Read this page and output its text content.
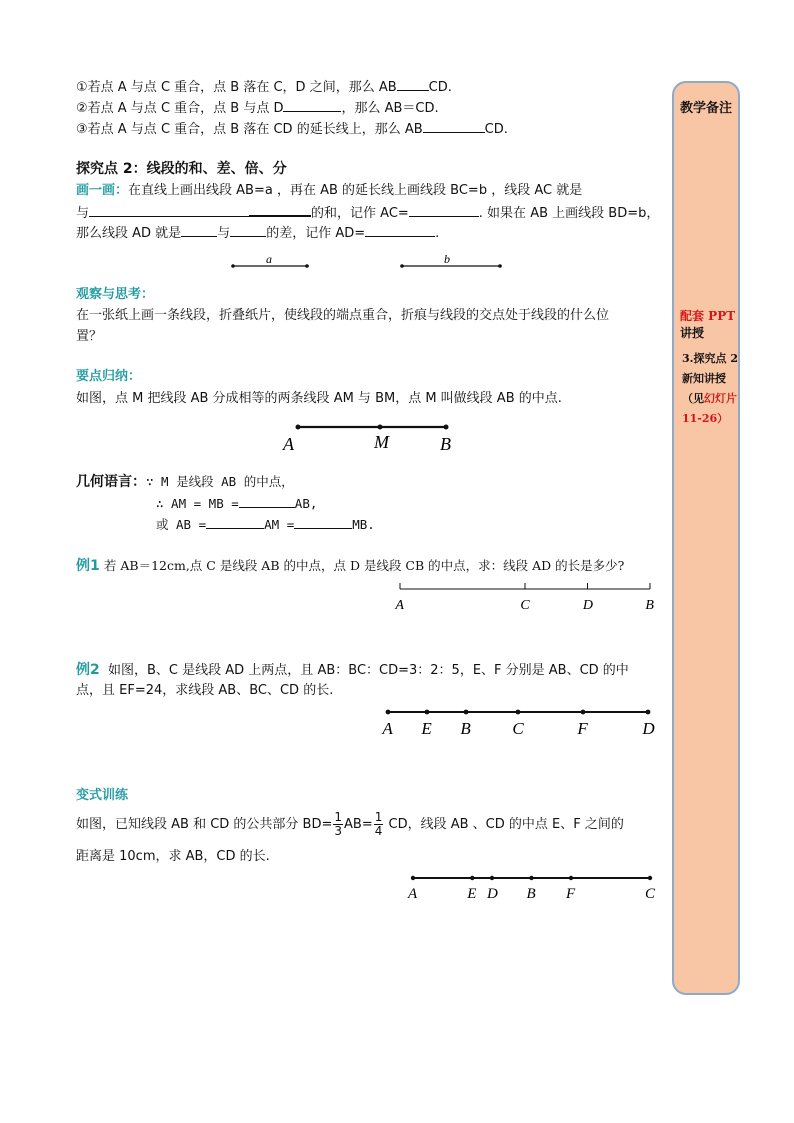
①若点 A 与点 C 重合，点 B 落在 C，D 之间，那么 AB CD.
②若点 A 与点 C 重合，点 B 与点 D	，那么 AB＝CD.
③若点 A 与点 C 重合，点 B 落在 CD 的延长线上，那么 AB	CD.
探究点 2：线段的和、差、倍、分
画一画：在直线上画出线段 AB=a ，再在 AB 的延长线上画线段 BC=b ，线段 AC 就是
与	的和，记作 AC=	. 如果在 AB 上画线段 BD=b，
那么线段 AD 就是	与	的差，记作 AD=	.
a	b
观察与思考：
在一张纸上画一条线段，折叠纸片，使线段的端点重合，折痕与线段的交点处于线段的什么位
置？
要点归纳：
如图，点 M 把线段 AB 分成相等的两条线段 AM 与 BM，点 M 叫做线段 AB 的中点.
A	M	B
几何语言：∵ M 是线段 AB 的中点，
∴ AM = MB =	AB,
或 AB =	AM =	MB.
例1 若 AB＝12cm,点 C 是线段 AB 的中点，点 D 是线段 CB 的中点，求：线段 AD 的长是多少?
A	C	D	B
例2 如图，B、C 是线段 AD 上两点，且 AB：BC：CD=3：2：5，E、F 分别是 AB、CD 的中
点，且 EF=24，求线段 AB、BC、CD 的长.
A E B C	F	D
变式训练
如图，已知线段 AB 和 CD 的公共部分 $BD= \frac{1}{3} AB= \frac{1}{4}$ CD，线段 AB 、CD 的中点 E、F 之间的
距离是 10cm，求 AB，CD 的长.
A	E D B F	C
教学备注
配套 PPT讲授
3.探究点 2 新知讲授
（见幻灯片
11-26）
